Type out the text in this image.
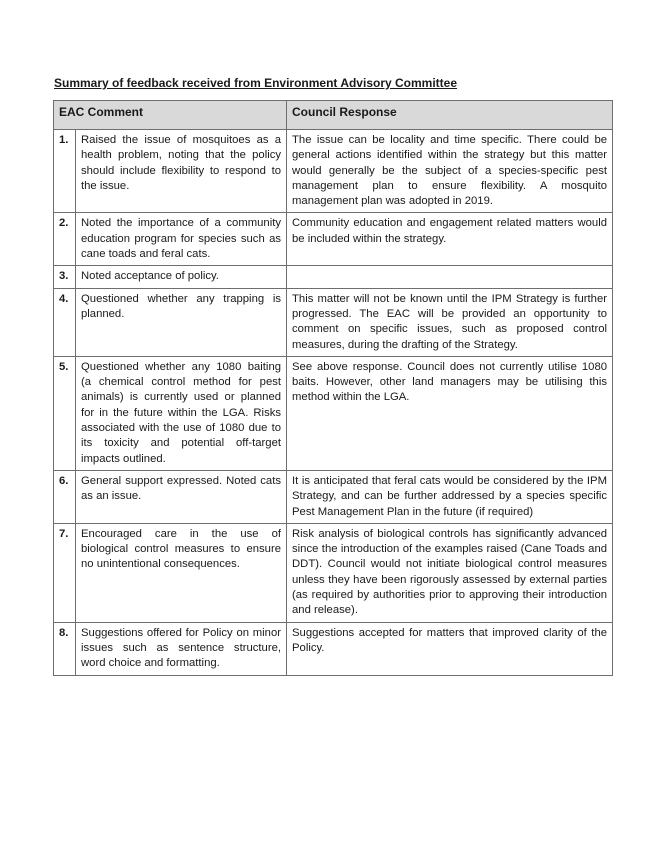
Summary of feedback received from Environment Advisory Committee
EAC Comment		Council Response
1.	Raised the issue of mosquitoes as a health problem, noting that the policy should include flexibility to respond to the issue.	The issue can be locality and time specific. There could be general actions identified within the strategy but this matter would generally be the subject of a species-specific pest management plan to ensure flexibility. A mosquito management plan was adopted in 2019.
2.	Noted the importance of a community education program for species such as cane toads and feral cats.	Community education and engagement related matters would be included within the strategy.
3.	Noted acceptance of policy.	
4.	Questioned whether any trapping is planned.	This matter will not be known until the IPM Strategy is further progressed. The EAC will be provided an opportunity to comment on specific issues, such as proposed control measures, during the drafting of the Strategy.
5.	Questioned whether any 1080 baiting (a chemical control method for pest animals) is currently used or planned for in the future within the LGA. Risks associated with the use of 1080 due to its toxicity and potential off-target impacts outlined.	See above response. Council does not currently utilise 1080 baits. However, other land managers may be utilising this method within the LGA.
6.	General support expressed. Noted cats as an issue.	It is anticipated that feral cats would be considered by the IPM Strategy, and can be further addressed by a species specific Pest Management Plan in the future (if required)
7.	Encouraged care in the use of biological control measures to ensure no unintentional consequences.	Risk analysis of biological controls has significantly advanced since the introduction of the examples raised (Cane Toads and DDT). Council would not initiate biological control measures unless they have been rigorously assessed by external parties (as required by authorities prior to approving their introduction and release).
8.	Suggestions offered for Policy on minor issues such as sentence structure, word choice and formatting.	Suggestions accepted for matters that improved clarity of the Policy.
